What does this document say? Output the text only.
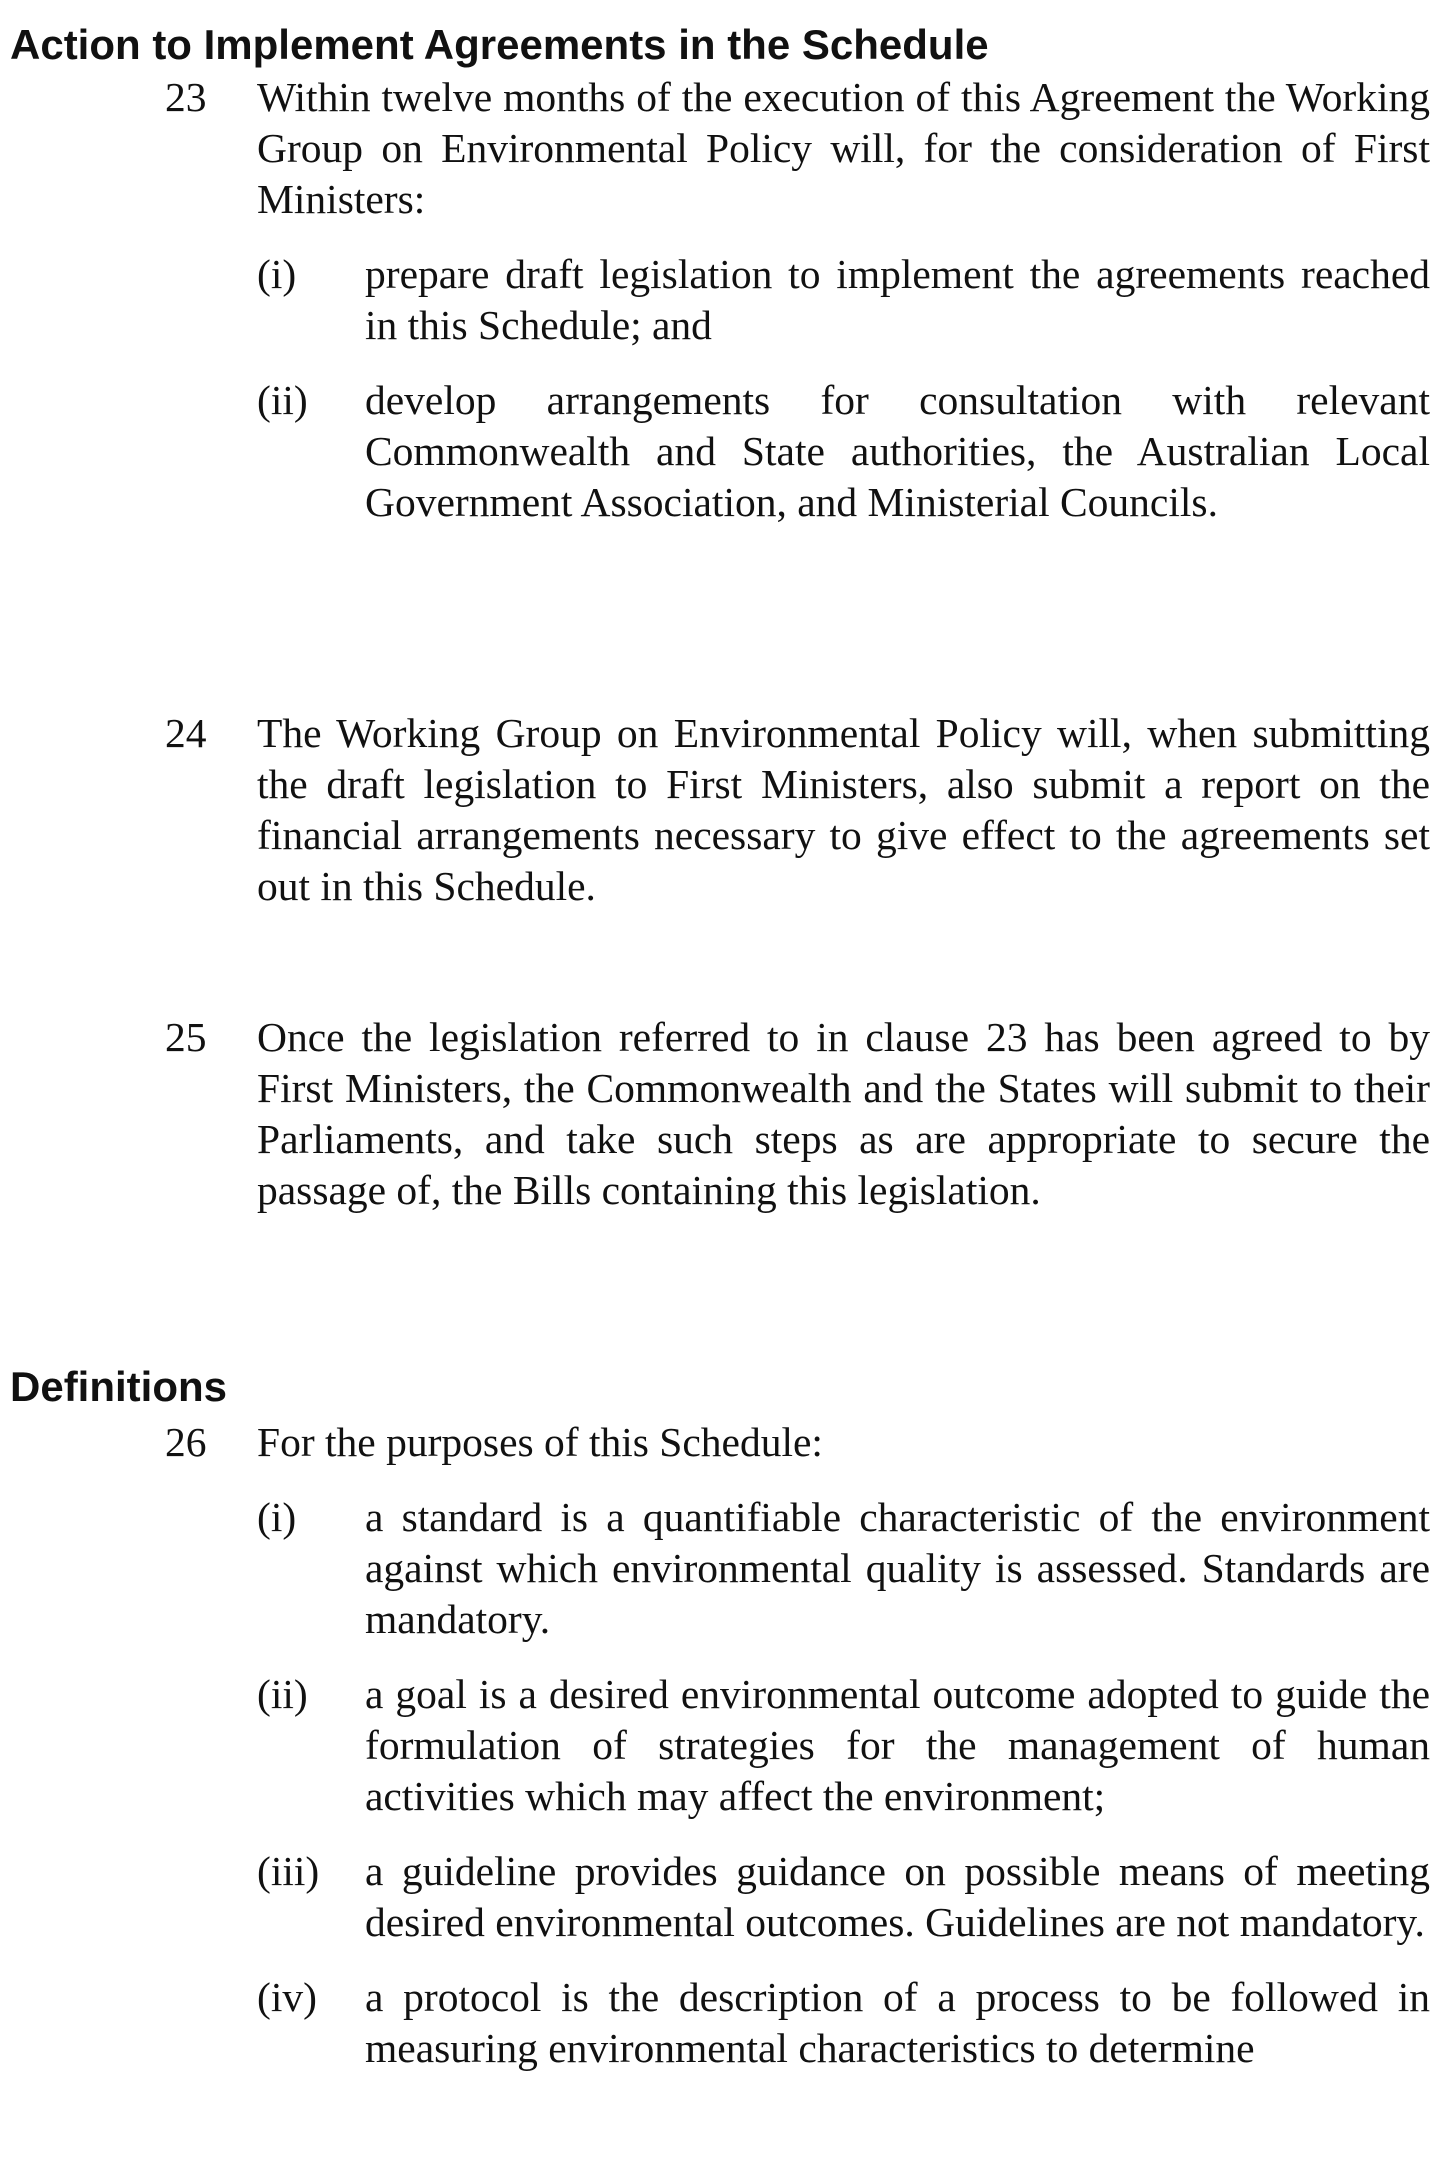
Action to Implement Agreements in the Schedule
23	Within twelve months of the execution of this Agreement the Working Group on Environmental Policy will, for the consideration of First Ministers:
(i)	prepare draft legislation to implement the agreements reached in this Schedule; and
(ii)	develop arrangements for consultation with relevant Commonwealth and State authorities, the Australian Local Government Association, and Ministerial Councils.
24	The Working Group on Environmental Policy will, when submitting the draft legislation to First Ministers, also submit a report on the financial arrangements necessary to give effect to the agreements set out in this Schedule.
25	Once the legislation referred to in clause 23 has been agreed to by First Ministers, the Commonwealth and the States will submit to their Parliaments, and take such steps as are appropriate to secure the passage of, the Bills containing this legislation.
Definitions
26	For the purposes of this Schedule:
(i)	a standard is a quantifiable characteristic of the environment against which environmental quality is assessed. Standards are mandatory.
(ii)	a goal is a desired environmental outcome adopted to guide the formulation of strategies for the management of human activities which may affect the environment;
(iii)	a guideline provides guidance on possible means of meeting desired environmental outcomes. Guidelines are not mandatory.
(iv)	a protocol is the description of a process to be followed in measuring environmental characteristics to determine
